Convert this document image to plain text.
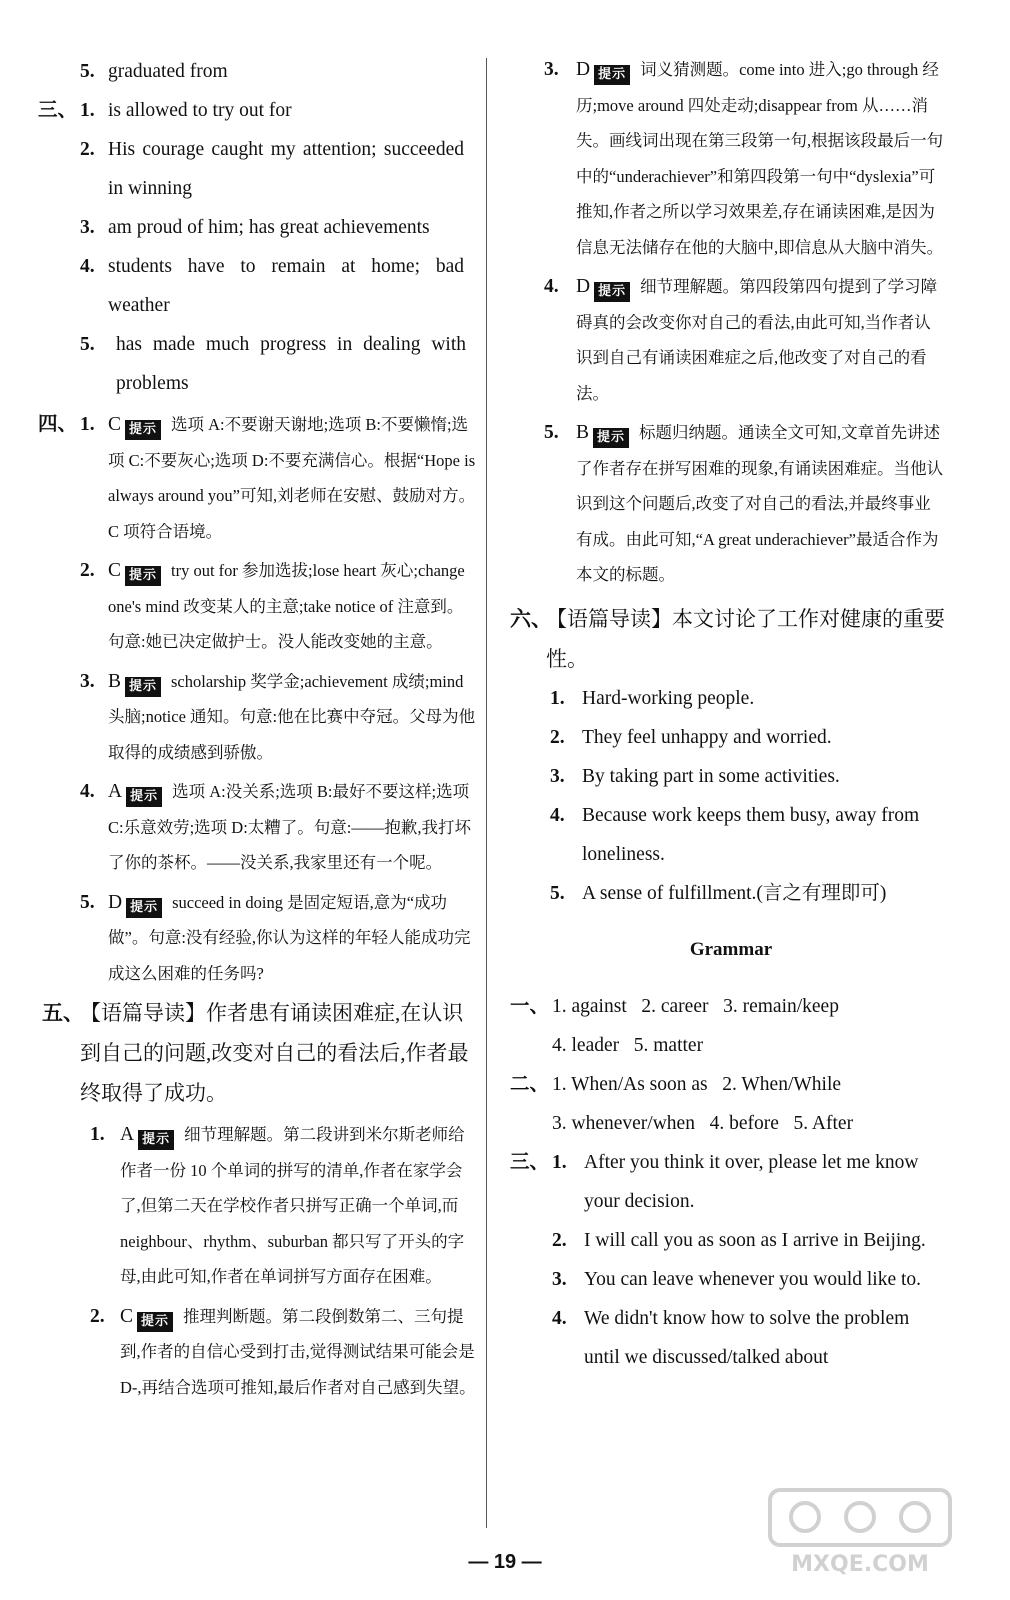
5. graduated from
三、 1. is allowed to try out for
2. His courage caught my attention; succeeded in winning
3. am proud of him; has great achievements
4. students have to remain at home; bad weather
5. has made much progress in dealing with problems
四、 1. C 提示 选项 A:不要谢天谢地;选项 B:不要懒惰;选项 C:不要灰心;选项 D:不要充满信心。根据“Hope is always around you”可知,刘老师在安慰、鼓励对方。C 项符合语境。
2. C 提示 try out for 参加选拔;lose heart 灰心;change one's mind 改变某人的主意;take notice of 注意到。句意:她已决定做护士。没人能改变她的主意。
3. B 提示 scholarship 奖学金;achievement 成绩;mind 头脑;notice 通知。句意:他在比赛中夺冠。父母为他取得的成绩感到骄傲。
4. A 提示 选项 A:没关系;选项 B:最好不要这样;选项 C:乐意效劳;选项 D:太糟了。句意:——抱歉,我打坏了你的茶杯。——没关系,我家里还有一个呢。
5. D 提示 succeed in doing 是固定短语,意为“成功做”。句意:没有经验,你认为这样的年轻人能成功完成这么困难的任务吗?
五、
【语篇导读】作者患有诵读困难症,在认识到自己的问题,改变对自己的看法后,作者最终取得了成功。
1. A 提示 细节理解题。第二段讲到米尔斯老师给作者一份 10 个单词的拼写的清单,作者在家学会了,但第二天在学校作者只拼写正确一个单词,而 neighbour、rhythm、suburban 都只写了开头的字母,由此可知,作者在单词拼写方面存在困难。
2. C 提示 推理判断题。第二段倒数第二、三句提到,作者的自信心受到打击,觉得测试结果可能会是 D-,再结合选项可推知,最后作者对自己感到失望。
3. D 提示 词义猜测题。come into 进入;go through 经历;move around 四处走动;disappear from 从……消失。画线词出现在第三段第一句,根据该段最后一句中的“underachiever”和第四段第一句中“dyslexia”可推知,作者之所以学习效果差,存在诵读困难,是因为信息无法储存在他的大脑中,即信息从大脑中消失。
4. D 提示 细节理解题。第四段第四句提到了学习障碍真的会改变你对自己的看法,由此可知,当作者认识到自己有诵读困难症之后,他改变了对自己的看法。
5. B 提示 标题归纳题。通读全文可知,文章首先讲述了作者存在拼写困难的现象,有诵读困难症。当他认识到这个问题后,改变了对自己的看法,并最终事业有成。由此可知,“A great underachiever”最适合作为本文的标题。
六、
【语篇导读】本文讨论了工作对健康的重要性。
1. Hard-working people.
2. They feel unhappy and worried.
3. By taking part in some activities.
4. Because work keeps them busy, away from loneliness.
5. A sense of fulfillment.(言之有理即可)
Grammar
一、 1. against   2. career   3. remain/keep
4. leader   5. matter
二、 1. When/As soon as   2. When/While
3. whenever/when   4. before   5. After
三、 1. After you think it over, please let me know your decision.
2. I will call you as soon as I arrive in Beijing.
3. You can leave whenever you would like to.
4. We didn't know how to solve the problem until we discussed/talked about
— 19 —	MXQE.COM
